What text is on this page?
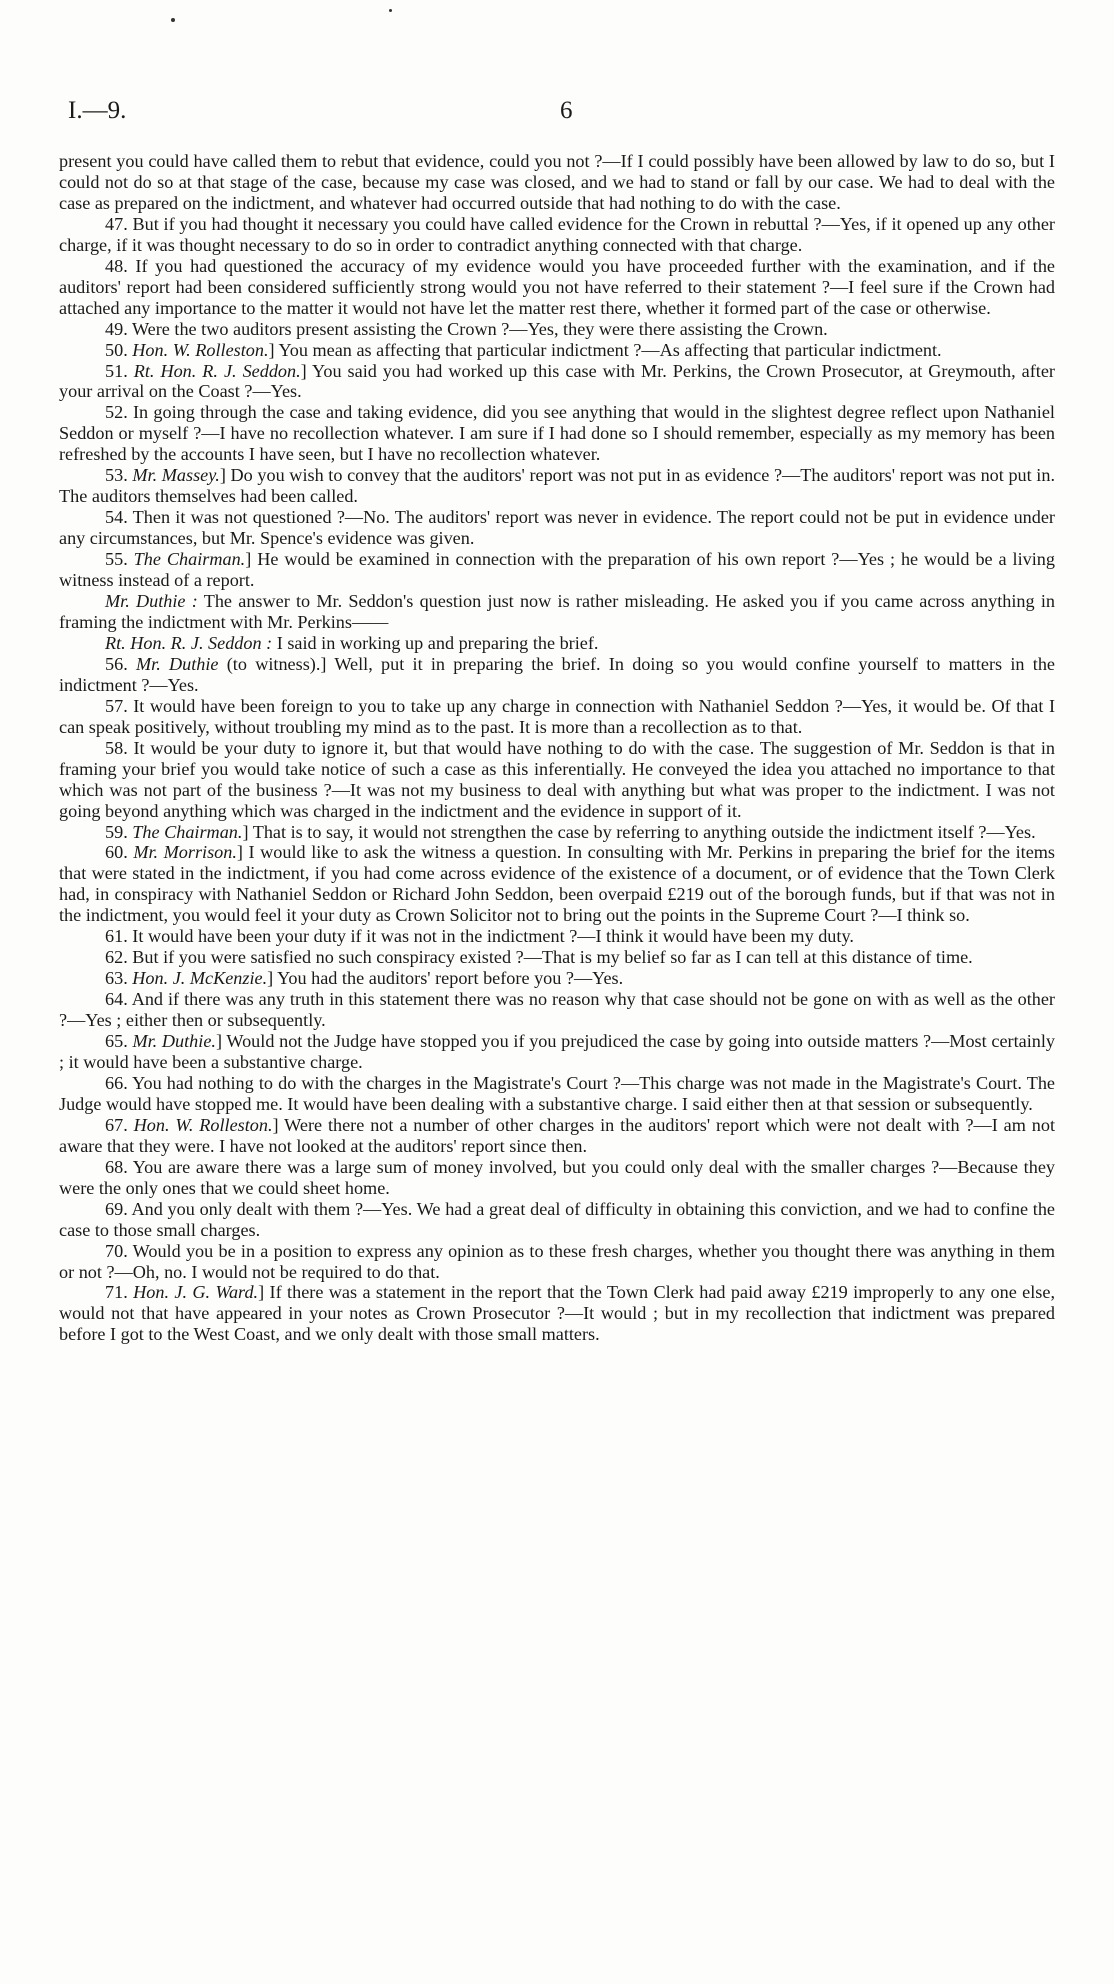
I.—9.	6

present you could have called them to rebut that evidence, could you not ?—If I could possibly have been allowed by law to do so, but I could not do so at that stage of the case, because my case was closed, and we had to stand or fall by our case. We had to deal with the case as prepared on the indictment, and whatever had occurred outside that had nothing to do with the case.

47. But if you had thought it necessary you could have called evidence for the Crown in rebuttal ?—Yes, if it opened up any other charge, if it was thought necessary to do so in order to contradict anything connected with that charge.

48. If you had questioned the accuracy of my evidence would you have proceeded further with the examination, and if the auditors' report had been considered sufficiently strong would you not have referred to their statement ?—I feel sure if the Crown had attached any importance to the matter it would not have let the matter rest there, whether it formed part of the case or otherwise.

49. Were the two auditors present assisting the Crown ?—Yes, they were there assisting the Crown.

50. Hon. W. Rolleston.] You mean as affecting that particular indictment ?—As affecting that particular indictment.

51. Rt. Hon. R. J. Seddon.] You said you had worked up this case with Mr. Perkins, the Crown Prosecutor, at Greymouth, after your arrival on the Coast ?—Yes.

52. In going through the case and taking evidence, did you see anything that would in the slightest degree reflect upon Nathaniel Seddon or myself ?—I have no recollection whatever. I am sure if I had done so I should remember, especially as my memory has been refreshed by the accounts I have seen, but I have no recollection whatever.

53. Mr. Massey.] Do you wish to convey that the auditors' report was not put in as evidence ?—The auditors' report was not put in. The auditors themselves had been called.

54. Then it was not questioned ?—No. The auditors' report was never in evidence. The report could not be put in evidence under any circumstances, but Mr. Spence's evidence was given.

55. The Chairman.] He would be examined in connection with the preparation of his own report ?—Yes ; he would be a living witness instead of a report.

Mr. Duthie : The answer to Mr. Seddon's question just now is rather misleading. He asked you if you came across anything in framing the indictment with Mr. Perkins——

Rt. Hon. R. J. Seddon : I said in working up and preparing the brief.

56. Mr. Duthie (to witness).] Well, put it in preparing the brief. In doing so you would confine yourself to matters in the indictment ?—Yes.

57. It would have been foreign to you to take up any charge in connection with Nathaniel Seddon ?—Yes, it would be. Of that I can speak positively, without troubling my mind as to the past. It is more than a recollection as to that.

58. It would be your duty to ignore it, but that would have nothing to do with the case. The suggestion of Mr. Seddon is that in framing your brief you would take notice of such a case as this inferentially. He conveyed the idea you attached no importance to that which was not part of the business ?—It was not my business to deal with anything but what was proper to the indictment. I was not going beyond anything which was charged in the indictment and the evidence in support of it.

59. The Chairman.] That is to say, it would not strengthen the case by referring to anything outside the indictment itself ?—Yes.

60. Mr. Morrison.] I would like to ask the witness a question. In consulting with Mr. Perkins in preparing the brief for the items that were stated in the indictment, if you had come across evidence of the existence of a document, or of evidence that the Town Clerk had, in conspiracy with Nathaniel Seddon or Richard John Seddon, been overpaid £219 out of the borough funds, but if that was not in the indictment, you would feel it your duty as Crown Solicitor not to bring out the points in the Supreme Court ?—I think so.

61. It would have been your duty if it was not in the indictment ?—I think it would have been my duty.

62. But if you were satisfied no such conspiracy existed ?—That is my belief so far as I can tell at this distance of time.

63. Hon. J. McKenzie.] You had the auditors' report before you ?—Yes.

64. And if there was any truth in this statement there was no reason why that case should not be gone on with as well as the other ?—Yes ; either then or subsequently.

65. Mr. Duthie.] Would not the Judge have stopped you if you prejudiced the case by going into outside matters ?—Most certainly ; it would have been a substantive charge.

66. You had nothing to do with the charges in the Magistrate's Court ?—This charge was not made in the Magistrate's Court. The Judge would have stopped me. It would have been dealing with a substantive charge. I said either then at that session or subsequently.

67. Hon. W. Rolleston.] Were there not a number of other charges in the auditors' report which were not dealt with ?—I am not aware that they were. I have not looked at the auditors' report since then.

68. You are aware there was a large sum of money involved, but you could only deal with the smaller charges ?—Because they were the only ones that we could sheet home.

69. And you only dealt with them ?—Yes. We had a great deal of difficulty in obtaining this conviction, and we had to confine the case to those small charges.

70. Would you be in a position to express any opinion as to these fresh charges, whether you thought there was anything in them or not ?—Oh, no. I would not be required to do that.

71. Hon. J. G. Ward.] If there was a statement in the report that the Town Clerk had paid away £219 improperly to any one else, would not that have appeared in your notes as Crown Prosecutor ?—It would ; but in my recollection that indictment was prepared before I got to the West Coast, and we only dealt with those small matters.
